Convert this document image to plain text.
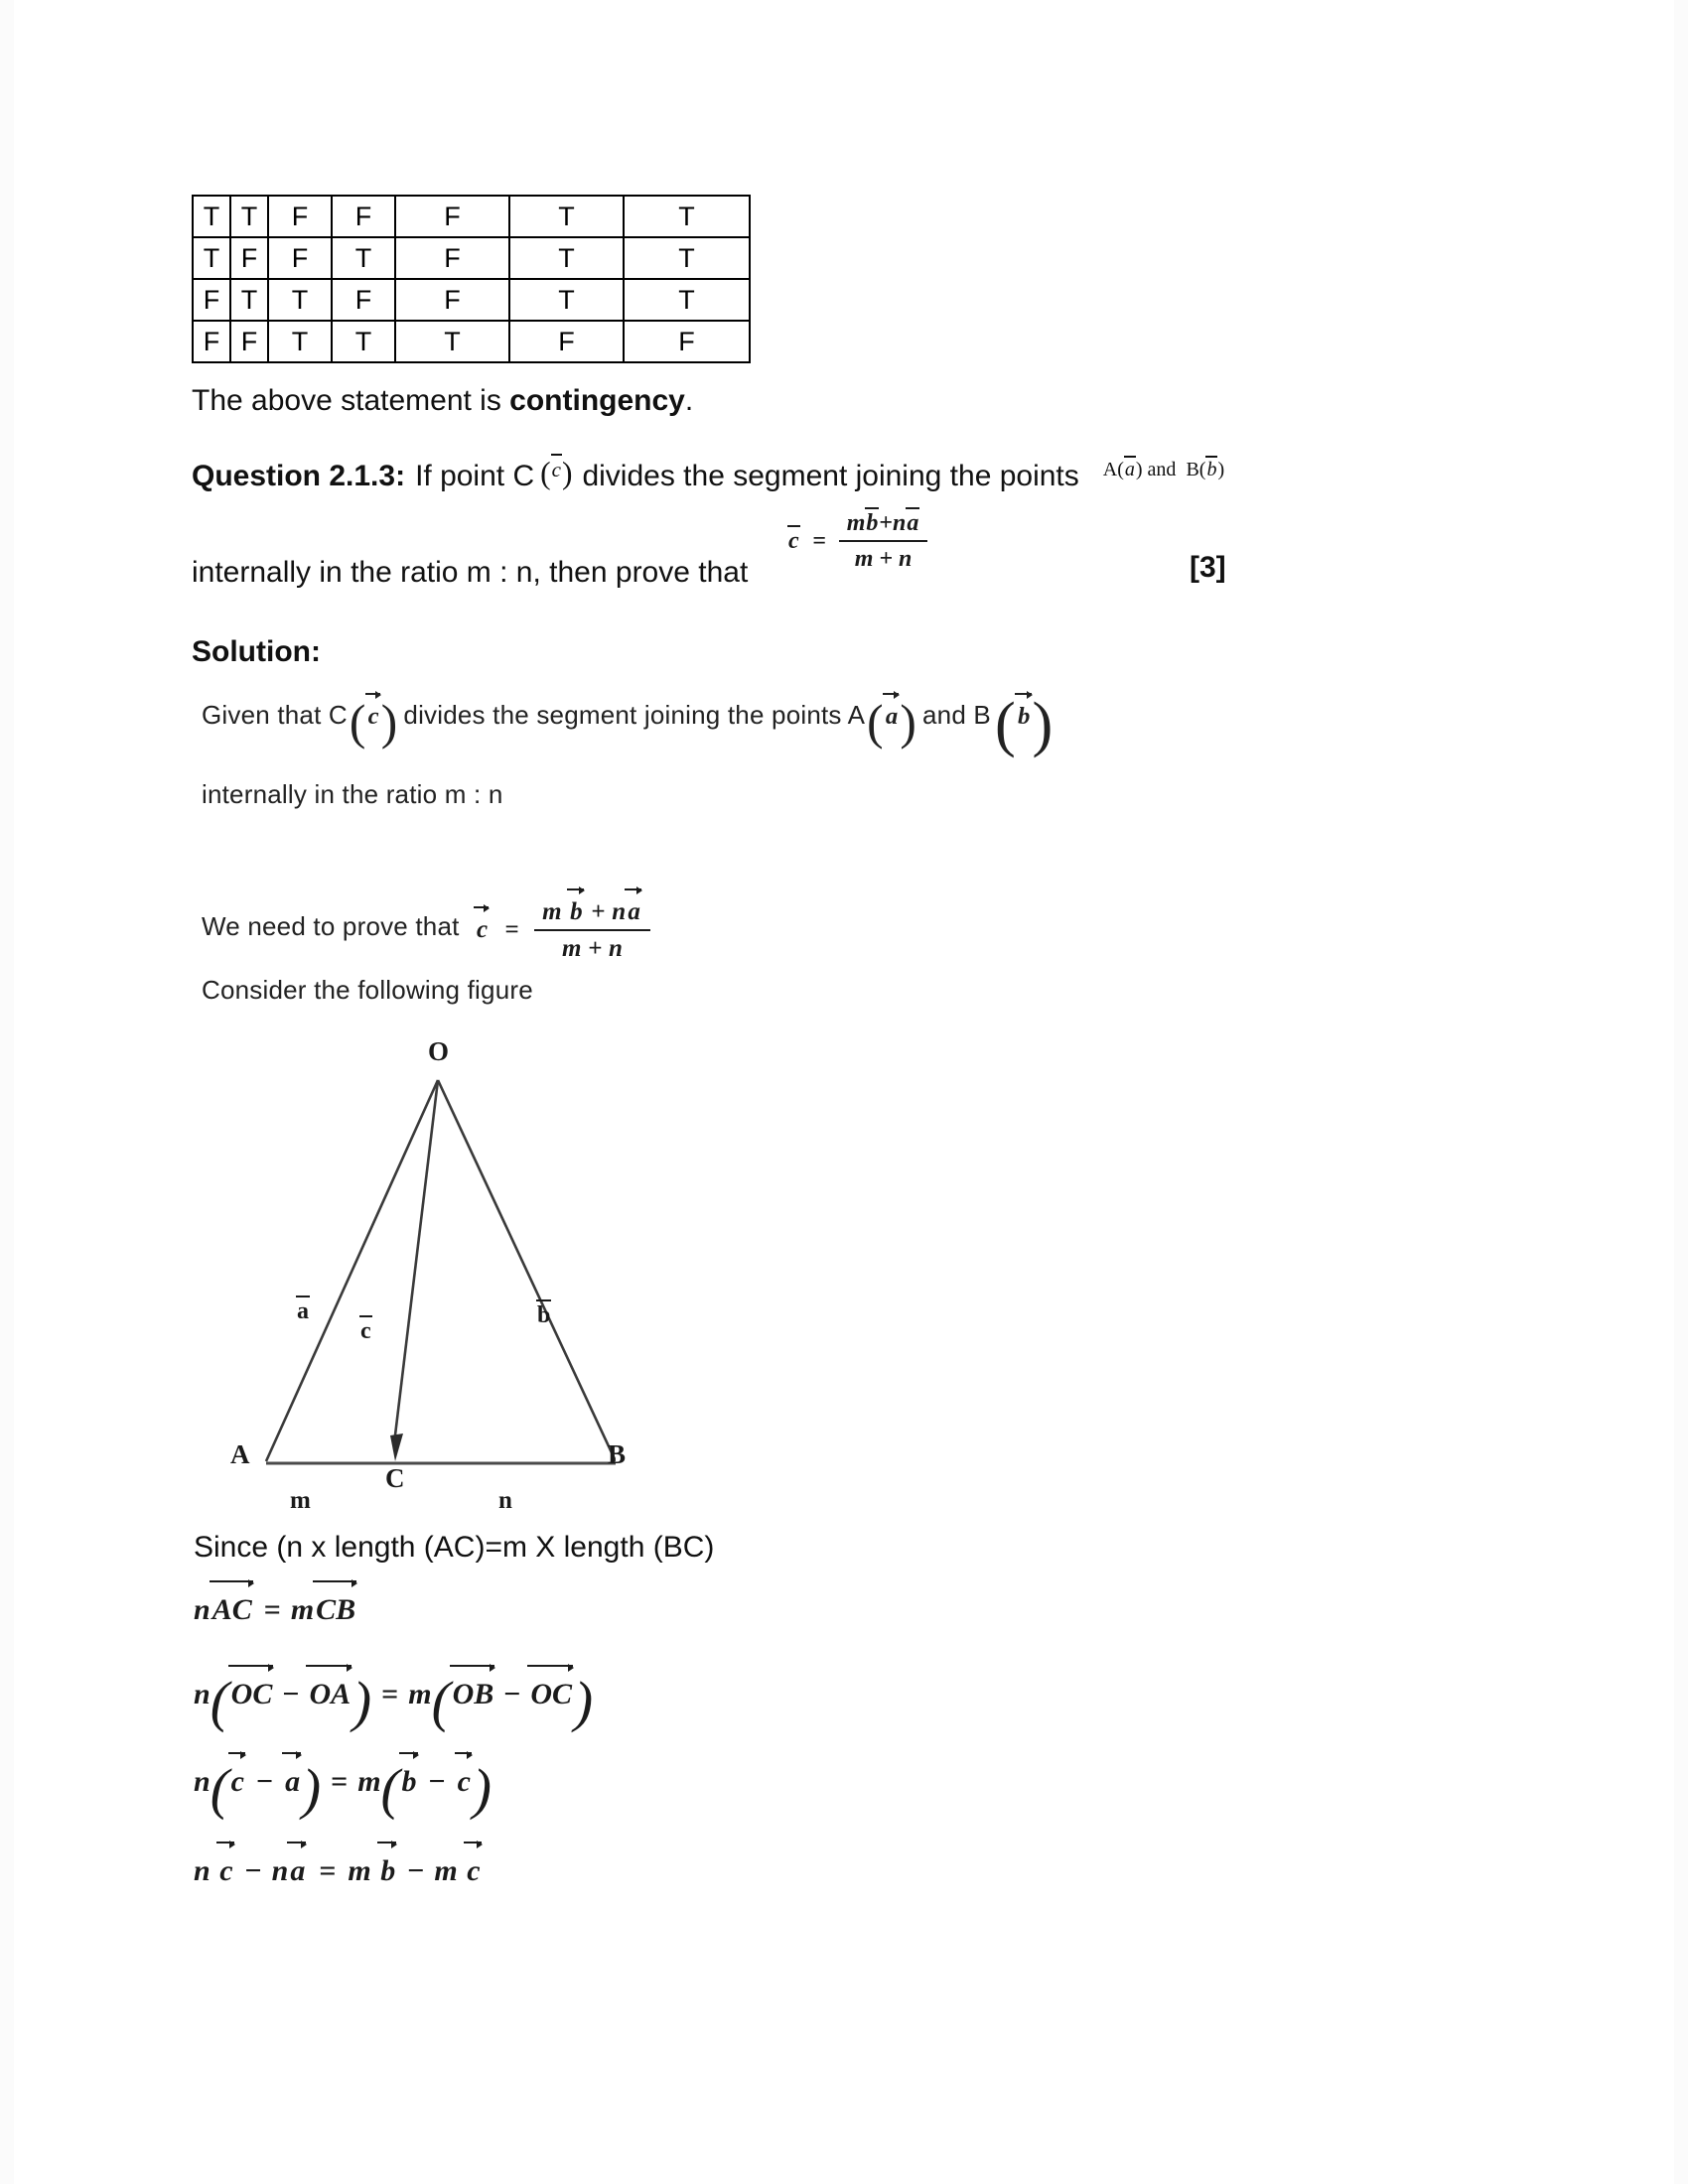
T	T	F	F	F	T	T
T	F	F	T	F	T	T
F	T	T	F	F	T	T
F	F	T	T	T	F	F
The above statement is contingency.
Question 2.1.3: If point C (c) divides the segment joining the points A(a) and B(b)
internally in the ratio m : n, then prove that
$c = \frac{mb+na}{m + n}$	[3]
Solution:
Given that C(c) divides the segment joining the points A(a) and B(b)
internally in the ratio m : n
We need to prove that $c = \frac{\text{m b + na}}{m + n}$
Consider the following figure
O
A	B
C
a
c
b
m	n
Since (n x length (AC)=m X length (BC)
nAC = mCB
n(OC − OA) = m(OB − OC)
n(c − a) = m(b − c)
n c − na = m b − m c
